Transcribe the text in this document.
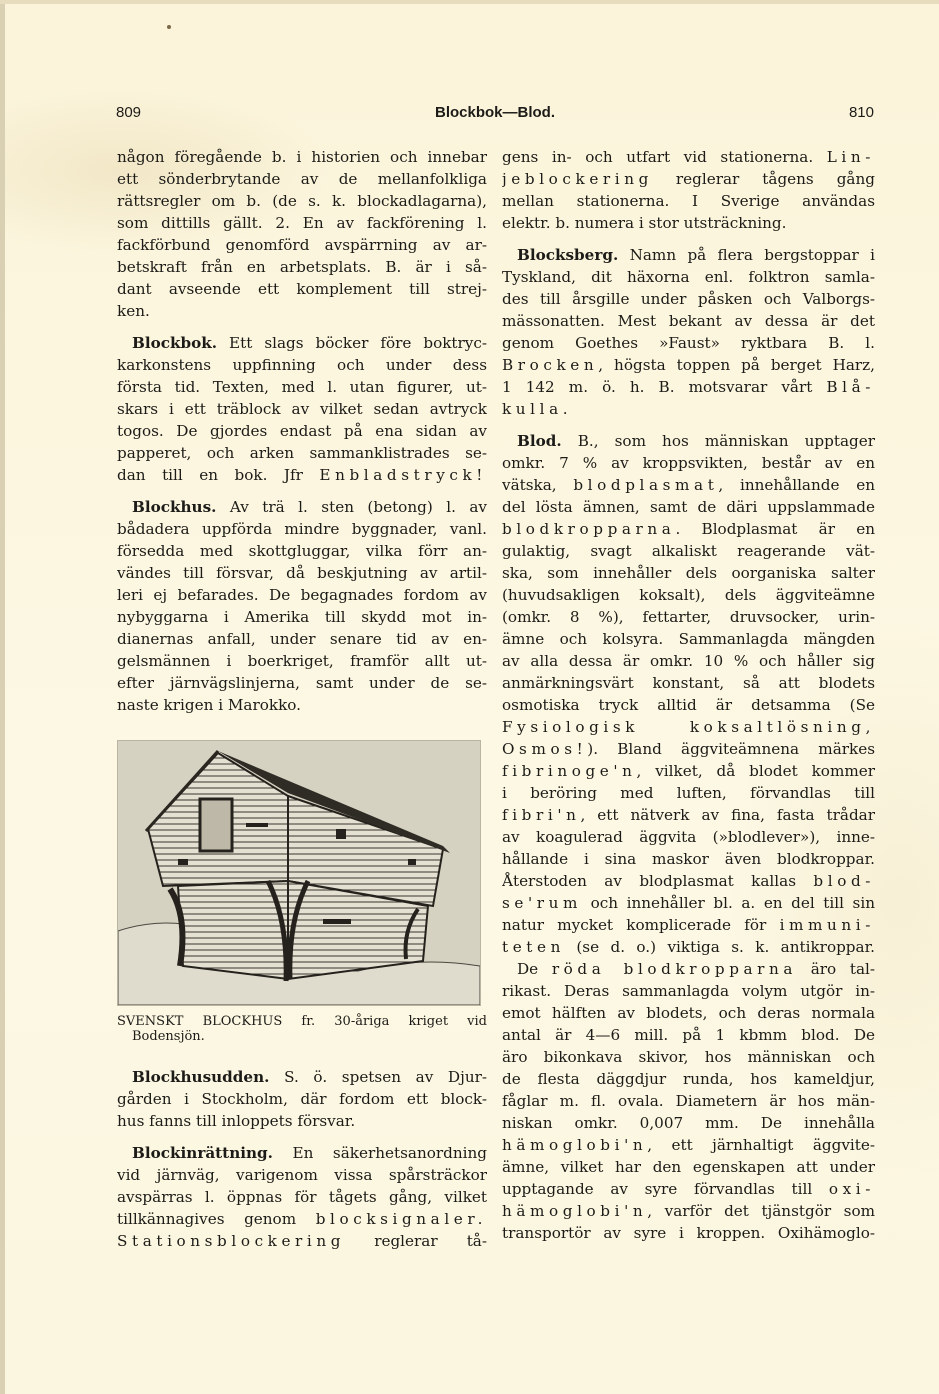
809	Blockbok—Blod.	810
någon föregående b. i historien och innebar
ett sönderbrytande av de mellanfolkliga
rättsregler om b. (de s. k. blockadlagarna),
som dittills gällt. 2. En av fackförening l.
fackförbund genomförd avspärrning av ar-
betskraft från en arbetsplats. B. är i så-
dant avseende ett komplement till strej-
ken.
Blockbok. Ett slags böcker före boktryc-
karkonstens uppfinning och under dess
första tid. Texten, med l. utan figurer, ut-
skars i ett träblock av vilket sedan avtryck
togos. De gjordes endast på ena sidan av
papperet, och arken sammanklistrades se-
dan till en bok. Jfr Enbladstryck!
Blockhus. Av trä l. sten (betong) l. av
bådadera uppförda mindre byggnader, vanl.
försedda med skottgluggar, vilka förr an-
vändes till försvar, då beskjutning av artil-
leri ej befarades. De begagnades fordom av
nybyggarna i Amerika till skydd mot in-
dianernas anfall, under senare tid av en-
gelsmännen i boerkriget, framför allt ut-
efter järnvägslinjerna, samt under de se-
naste krigen i Marokko.
SVENSKT BLOCKHUS fr. 30-åriga kriget vid
Bodensjön.
Blockhusudden. S. ö. spetsen av Djur-
gården i Stockholm, där fordom ett block-
hus fanns till inloppets försvar.
Blockinrättning. En säkerhetsanordning
vid järnväg, varigenom vissa spårsträckor
avspärras l. öppnas för tågets gång, vilket
tillkännagives genom blocksignaler.
Stationsblockering reglerar tå-
gens in- och utfart vid stationerna. Lin-
jeblockering reglerar tågens gång
mellan stationerna. I Sverige användas
elektr. b. numera i stor utsträckning.
Blocksberg. Namn på flera bergstoppar i
Tyskland, dit häxorna enl. folktron samla-
des till årsgille under påsken och Valborgs-
mässonatten. Mest bekant av dessa är det
genom Goethes »Faust» ryktbara B. l.
Brocken, högsta toppen på berget Harz,
1 142 m. ö. h. B. motsvarar vårt Blå-
kulla.
Blod. B., som hos människan upptager
omkr. 7 % av kroppsvikten, består av en
vätska, blodplasmat, innehållande en
del lösta ämnen, samt de däri uppslammade
blodkropparna. Blodplasmat är en
gulaktig, svagt alkaliskt reagerande vät-
ska, som innehåller dels oorganiska salter
(huvudsakligen koksalt), dels äggviteämne
(omkr. 8 %), fettarter, druvsocker, urin-
ämne och kolsyra. Sammanlagda mängden
av alla dessa är omkr. 10 % och håller sig
anmärkningsvärt konstant, så att blodets
osmotiska tryck alltid är detsamma (Se
Fysiologisk	koksaltlösning,
Osmos!). Bland äggviteämnena märkes
fibrinoge'n, vilket, då blodet kommer
i beröring med luften, förvandlas till
fibri'n, ett nätverk av fina, fasta trådar
av koagulerad äggvita (»blodlever»), inne-
hållande i sina maskor även blodkroppar.
Återstoden av blodplasmat kallas blod-
se'rum och innehåller bl. a. en del till sin
natur mycket komplicerade för immuni-
teten (se d. o.) viktiga s. k. antikroppar.
De röda blodkropparna äro tal-
rikast. Deras sammanlagda volym utgör in-
emot hälften av blodets, och deras normala
antal är 4—6 mill. på 1 kbmm blod. De
äro bikonkava skivor, hos människan och
de flesta däggdjur runda, hos kameldjur,
fåglar m. fl. ovala. Diametern är hos män-
niskan omkr. 0,007 mm. De innehålla
hämoglobi'n, ett järnhaltigt äggvite-
ämne, vilket har den egenskapen att under
upptagande av syre förvandlas till oxi-
hämoglobi'n, varför det tjänstgör som
transportör av syre i kroppen. Oxihämoglo-
